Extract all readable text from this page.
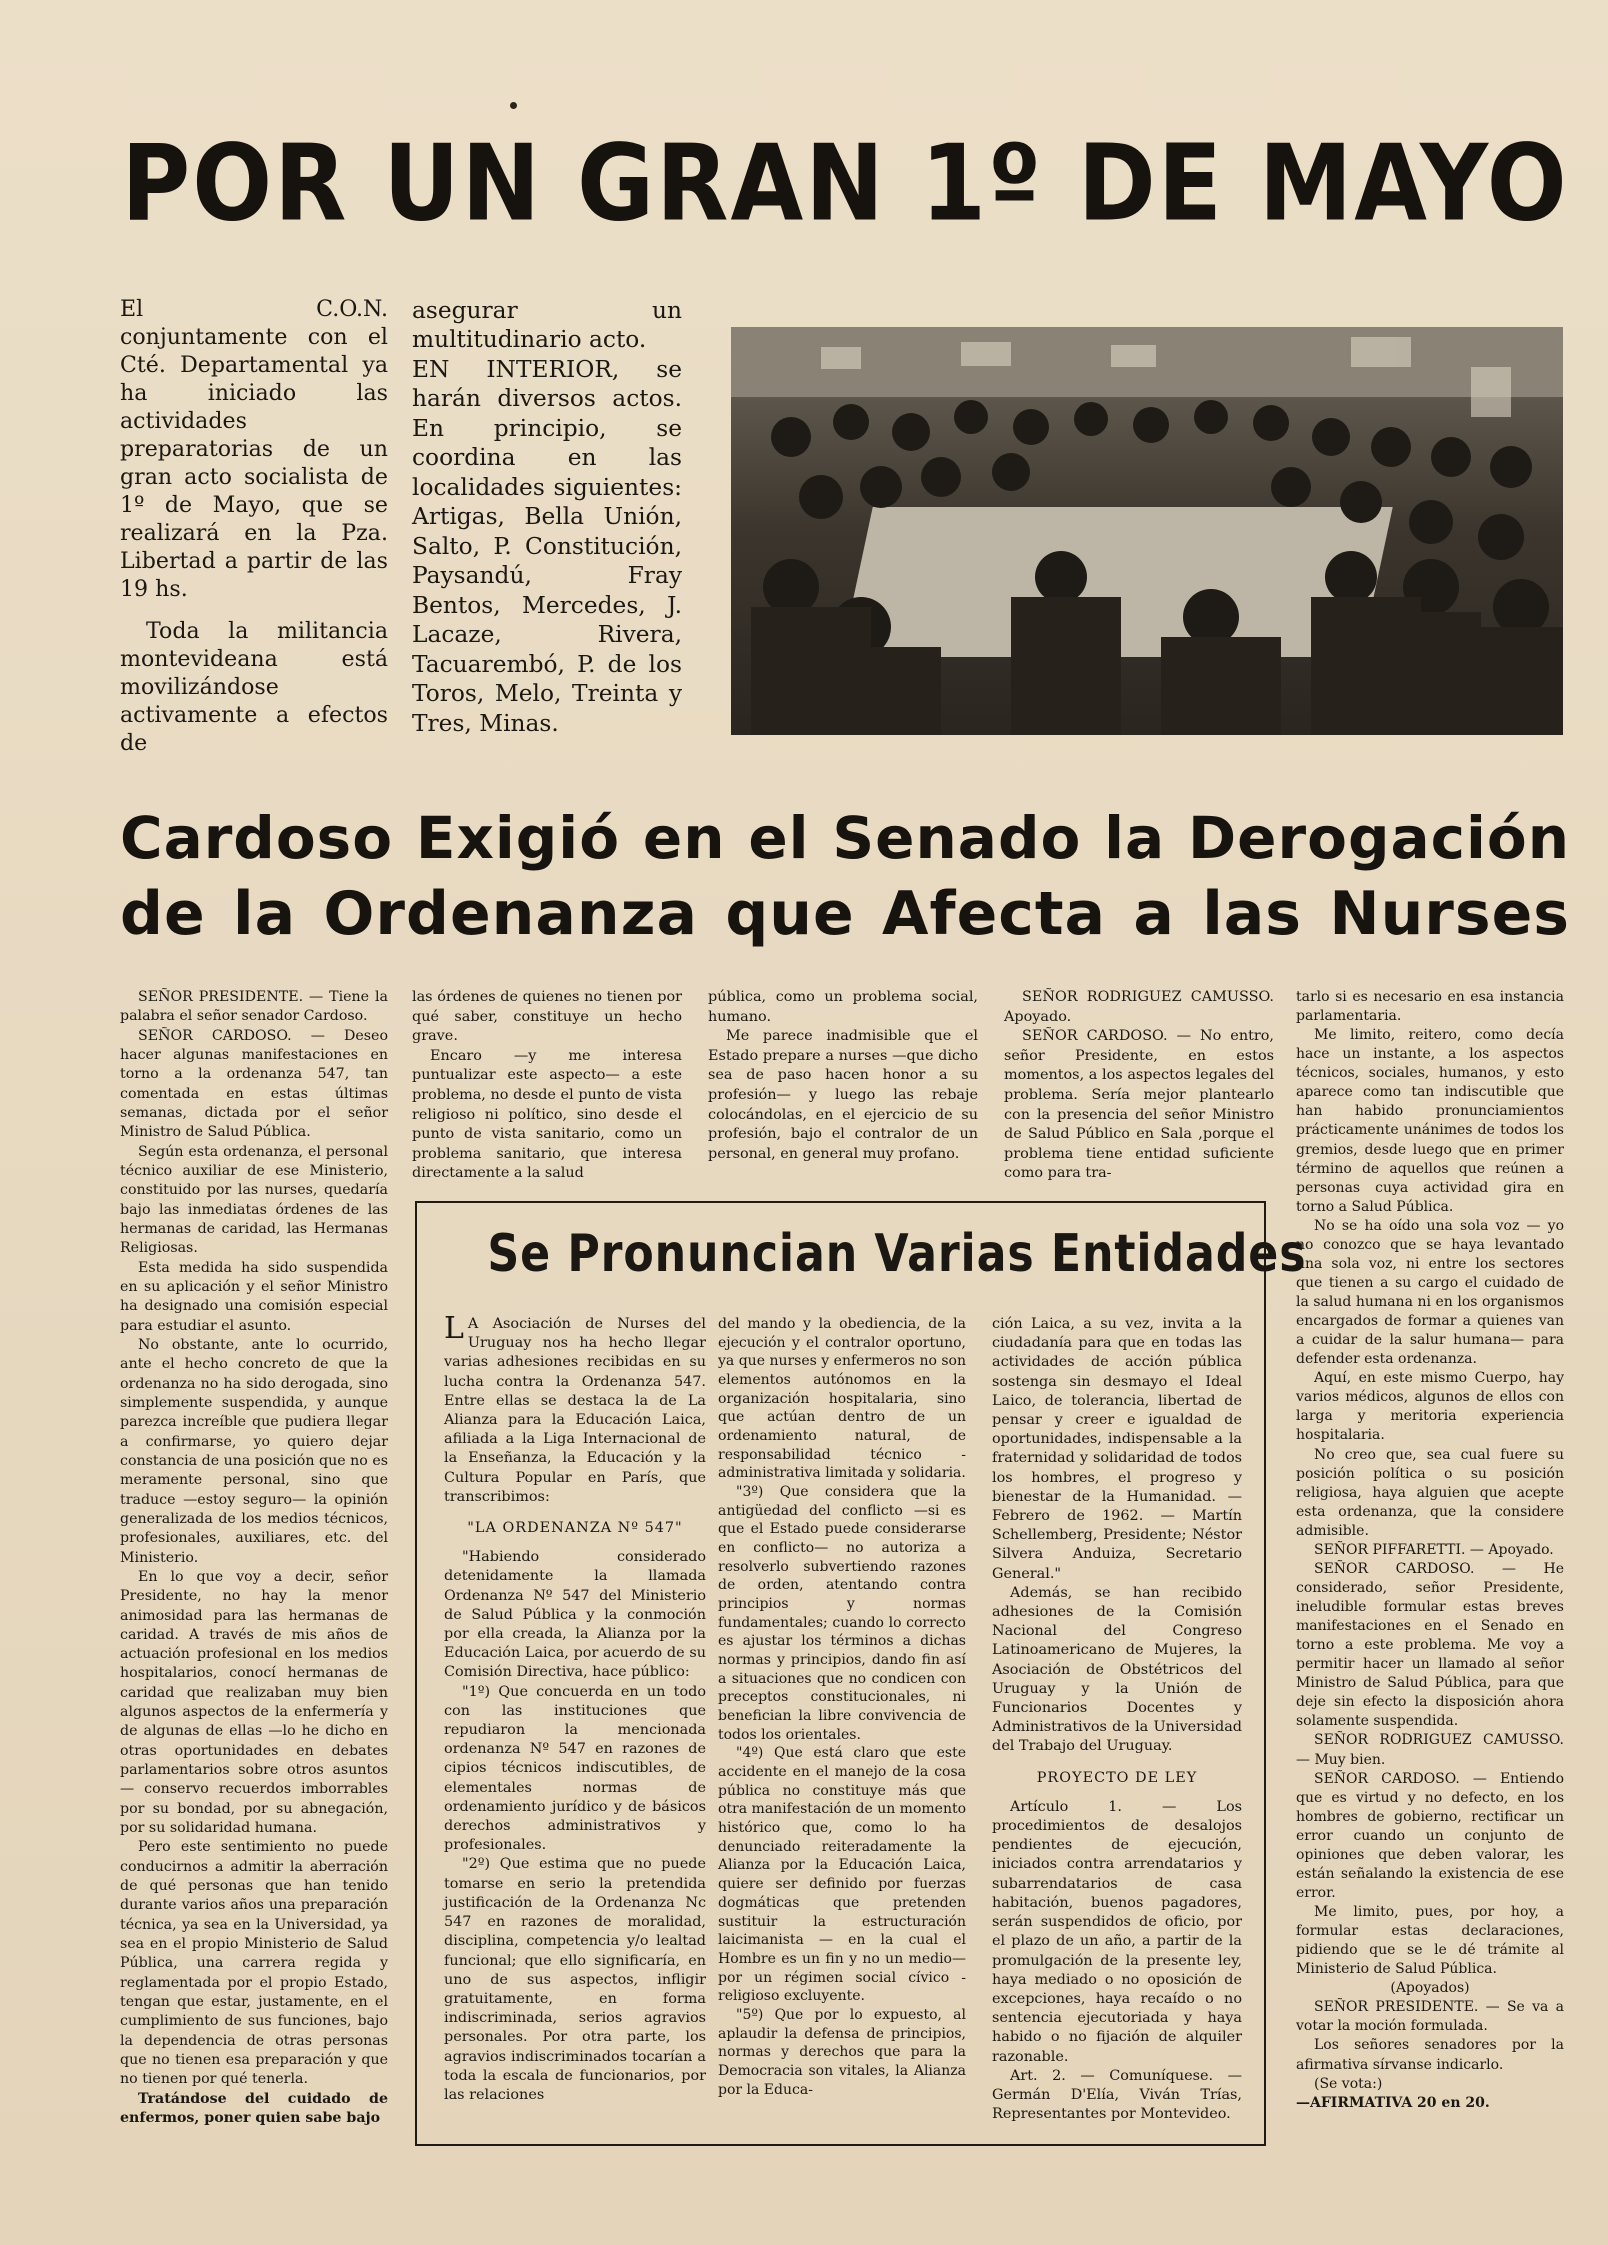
POR UN GRAN 1º DE MAYO

El C.O.N. conjuntamente con el Cté. Departamental ya ha iniciado las actividades preparatorias de un gran acto socialista de 1º de Mayo, que se realizará en la Pza. Libertad a partir de las 19 hs.

Toda la militancia montevideana está movilizándose activamente a efectos de

asegurar un multitudinario acto.

EN INTERIOR, se harán diversos actos. En principio, se coordina en las localidades siguientes: Artigas, Bella Unión, Salto, P. Constitución, Paysandú, Fray Bentos, Mercedes, J. Lacaze, Rivera, Tacuarembó, P. de los Toros, Melo, Treinta y Tres, Minas.

Cardoso Exigió en el Senado la Derogación
de la Ordenanza que Afecta a las Nurses

SEÑOR PRESIDENTE. — Tiene la palabra el señor senador Cardoso.

SEÑOR CARDOSO. — Deseo hacer algunas manifestaciones en torno a la ordenanza 547, tan comentada en estas últimas semanas, dictada por el señor Ministro de Salud Pública.

Según esta ordenanza, el personal técnico auxiliar de ese Ministerio, constituido por las nurses, quedaría bajo las inmediatas órdenes de las hermanas de caridad, las Hermanas Religiosas.

Esta medida ha sido suspendida en su aplicación y el señor Ministro ha designado una comisión especial para estudiar el asunto.

No obstante, ante lo ocurrido, ante el hecho concreto de que la ordenanza no ha sido derogada, sino simplemente suspendida, y aunque parezca increíble que pudiera llegar a confirmarse, yo quiero dejar constancia de una posición que no es meramente personal, sino que traduce —estoy seguro— la opinión generalizada de los medios técnicos, profesionales, auxiliares, etc. del Ministerio.

En lo que voy a decir, señor Presidente, no hay la menor animosidad para las hermanas de caridad. A través de mis años de actuación profesional en los medios hospitalarios, conocí hermanas de caridad que realizaban muy bien algunos aspectos de la enfermería y de algunas de ellas —lo he dicho en otras oportunidades en debates parlamentarios sobre otros asuntos— conservo recuerdos imborrables por su bondad, por su abnegación, por su solidaridad humana.

Pero este sentimiento no puede conducirnos a admitir la aberración de qué personas que han tenido durante varios años una preparación técnica, ya sea en la Universidad, ya sea en el propio Ministerio de Salud Pública, una carrera regida y reglamentada por el propio Estado, tengan que estar, justamente, en el cumplimiento de sus funciones, bajo la dependencia de otras personas que no tienen esa preparación y que no tienen por qué tenerla.

Tratándose del cuidado de enfermos, poner quien sabe bajo

las órdenes de quienes no tienen por qué saber, constituye un hecho grave.

Encaro —y me interesa puntualizar este aspecto— a este problema, no desde el punto de vista religioso ni político, sino desde el punto de vista sanitario, como un problema sanitario, que interesa directamente a la salud

pública, como un problema social, humano.

Me parece inadmisible que el Estado prepare a nurses —que dicho sea de paso hacen honor a su profesión— y luego las rebaje colocándolas, en el ejercicio de su profesión, bajo el contralor de un personal, en general muy profano.

SEÑOR RODRIGUEZ CAMUSSO. Apoyado.

SEÑOR CARDOSO. — No entro, señor Presidente, en estos momentos, a los aspectos legales del problema. Sería mejor plantearlo con la presencia del señor Ministro de Salud Público en Sala ,porque el problema tiene entidad suficiente como para tra-

tarlo si es necesario en esa instancia parlamentaria.

Me limito, reitero, como decía hace un instante, a los aspectos técnicos, sociales, humanos, y esto aparece como tan indiscutible que han habido pronunciamientos prácticamente unánimes de todos los gremios, desde luego que en primer término de aquellos que reúnen a personas cuya actividad gira en torno a Salud Pública.

No se ha oído una sola voz — yo no conozco que se haya levantado una sola voz, ni entre los sectores que tienen a su cargo el cuidado de la salud humana ni en los organismos encargados de formar a quienes van a cuidar de la salur humana— para defender esta ordenanza.

Aquí, en este mismo Cuerpo, hay varios médicos, algunos de ellos con larga y meritoria experiencia hospitalaria.

No creo que, sea cual fuere su posición política o su posición religiosa, haya alguien que acepte esta ordenanza, que la considere admisible.

SEÑOR PIFFARETTI. — Apoyado.

SEÑOR CARDOSO. — He considerado, señor Presidente, ineludible formular estas breves manifestaciones en el Senado en torno a este problema. Me voy a permitir hacer un llamado al señor Ministro de Salud Pública, para que deje sin efecto la disposición ahora solamente suspendida.

SEÑOR RODRIGUEZ CAMUSSO. — Muy bien.

SEÑOR CARDOSO. — Entiendo que es virtud y no defecto, en los hombres de gobierno, rectificar un error cuando un conjunto de opiniones que deben valorar, les están señalando la existencia de ese error.

Me limito, pues, por hoy, a formular estas declaraciones, pidiendo que se le dé trámite al Ministerio de Salud Pública.

(Apoyados)

SEÑOR PRESIDENTE. — Se va a votar la moción formulada.

Los señores senadores por la afirmativa sírvanse indicarlo.

(Se vota:)

—AFIRMATIVA 20 en 20.

Se Pronuncian Varias Entidades

L A Asociación de Nurses del Uruguay nos ha hecho llegar varias adhesiones recibidas en su lucha contra la Ordenanza 547. Entre ellas se destaca la de La Alianza para la Educación Laica, afiliada a la Liga Internacional de la Enseñanza, la Educación y la Cultura Popular en París, que transcribimos:

"LA ORDENANZA Nº 547"

"Habiendo considerado detenidamente la llamada Ordenanza Nº 547 del Ministerio de Salud Pública y la conmoción por ella creada, la Alianza por la Educación Laica, por acuerdo de su Comisión Directiva, hace público:

"1º) Que concuerda en un todo con las instituciones que repudiaron la mencionada ordenanza Nº 547 en razones de cipios técnicos indiscutibles, de elementales normas de ordenamiento jurídico y de básicos derechos administrativos y profesionales.

"2º) Que estima que no puede tomarse en serio la pretendida justificación de la Ordenanza Nc 547 en razones de moralidad, disciplina, competencia y/o lealtad funcional; que ello significaría, en uno de sus aspectos, infligir gratuitamente, en forma indiscriminada, serios agravios personales. Por otra parte, los agravios indiscriminados tocarían a toda la escala de funcionarios, por las relaciones

del mando y la obediencia, de la ejecución y el contralor oportuno, ya que nurses y enfermeros no son elementos autónomos en la organización hospitalaria, sino que actúan dentro de un ordenamiento natural, de responsabilidad técnico - administrativa limitada y solidaria.

"3º) Que considera que la antigüedad del conflicto —si es que el Estado puede considerarse en conflicto— no autoriza a resolverlo subvertiendo razones de orden, atentando contra principios y normas fundamentales; cuando lo correcto es ajustar los términos a dichas normas y principios, dando fin así a situaciones que no condicen con preceptos constitucionales, ni benefician la libre convivencia de todos los orientales.

"4º) Que está claro que este accidente en el manejo de la cosa pública no constituye más que otra manifestación de un momento histórico que, como lo ha denunciado reiteradamente la Alianza por la Educación Laica, quiere ser definido por fuerzas dogmáticas que pretenden sustituir la estructuración laicimanista — en la cual el Hombre es un fin y no un medio— por un régimen social cívico - religioso excluyente.

"5º) Que por lo expuesto, al aplaudir la defensa de principios, normas y derechos que para la Democracia son vitales, la Alianza por la Educa-

ción Laica, a su vez, invita a la ciudadanía para que en todas las actividades de acción pública sostenga sin desmayo el Ideal Laico, de tolerancia, libertad de pensar y creer e igualdad de oportunidades, indispensable a la fraternidad y solidaridad de todos los hombres, el progreso y bienestar de la Humanidad. — Febrero de 1962. — Martín Schellemberg, Presidente; Néstor Silvera Anduiza, Secretario General."

Además, se han recibido adhesiones de la Comisión Nacional del Congreso Latinoamericano de Mujeres, la Asociación de Obstétricos del Uruguay y la Unión de Funcionarios Docentes y Administrativos de la Universidad del Trabajo del Uruguay.

PROYECTO DE LEY

Artículo 1. — Los procedimientos de desalojos pendientes de ejecución, iniciados contra arrendatarios y subarrendatarios de casa habitación, buenos pagadores, serán suspendidos de oficio, por el plazo de un año, a partir de la promulgación de la presente ley, haya mediado o no oposición de excepciones, haya recaído o no sentencia ejecutoriada y haya habido o no fijación de alquiler razonable.

Art. 2. — Comuníquese. — Germán D'Elía, Viván Trías, Representantes por Montevideo.
